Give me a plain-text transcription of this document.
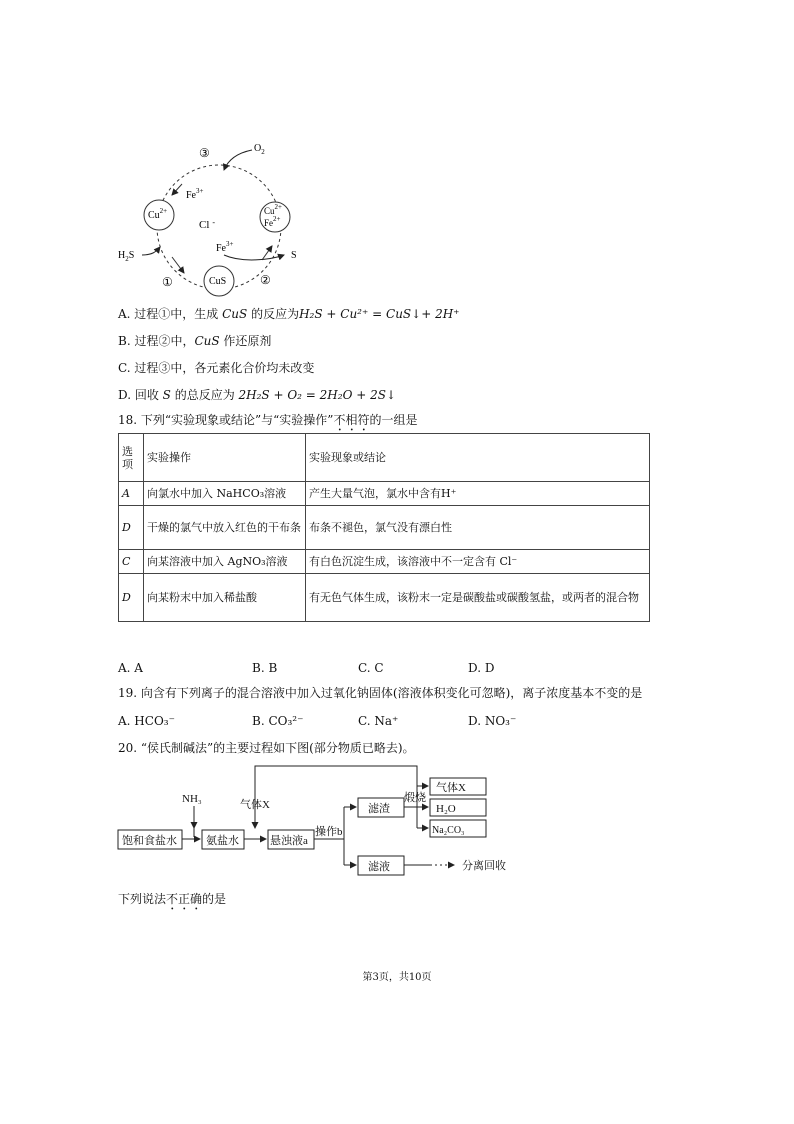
$Cu^{2+}$	$Cu^{2+}$
$Fe^{2+}$
CuS
Cl -
③
①	②
$O_2$
$Fe^{3+}$
$H_2S$
$Fe^{3+}$
S
A. 过程①中，生成 CuS 的反应为H₂S + Cu²⁺ = CuS↓+ 2H⁺
B. 过程②中，CuS 作还原剂
C. 过程③中，各元素化合价均未改变
D. 回收 S 的总反应为 2H₂S + O₂ = 2H₂O + 2S↓
18. 下列“实验现象或结论”与“实验操作”不相符的一组是
选项	实验操作	实验现象或结论
A	向氯水中加入 NaHCO₃溶液	产生大量气泡，氯水中含有H⁺
D	干燥的氯气中放入红色的干布条	布条不褪色，氯气没有漂白性
C	向某溶液中加入 AgNO₃溶液	有白色沉淀生成，该溶液中不一定含有 Cl⁻
D	向某粉末中加入稀盐酸	有无色气体生成，该粉末一定是碳酸盐或碳酸氢盐，或两者的混合物
A. A	B. B	C. C	D. D
19. 向含有下列离子的混合溶液中加入过氧化钠固体(溶液体积变化可忽略)，离子浓度基本不变的是
A. HCO₃⁻	B. CO₃²⁻	C. Na⁺	D. NO₃⁻
20. “侯氏制碱法”的主要过程如下图(部分物质已略去)。
饱和食盐水
NH₃
氨盐水
气体X
悬浊液a
操作b
滤渣
煅烧
气体X
H₂O
Na₂CO₃
滤液	分离回收
下列说法不正确的是
第3页，共10页
